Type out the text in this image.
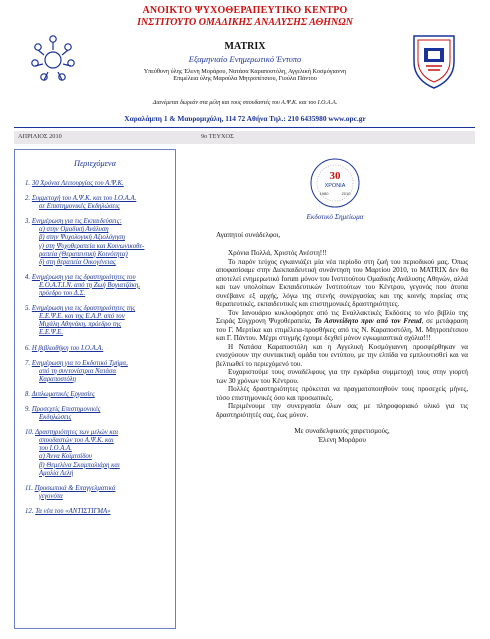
ΑΝΟΙΚΤΟ ΨΥΧΟΘΕΡΑΠΕΥΤΙΚΟ ΚΕΝΤΡΟ
ΙΝΣΤΙΤΟΥΤΟ ΟΜΑΔΙΚΗΣ ΑΝΑΛΥΣΗΣ ΑΘΗΝΩΝ
MATRIX
Εξαμηνιαίο Ενημερωτικό Έντυπο
Υπεύθυνη ύλης Έλενη Μοράρου, Νατάσα Καραποστόλη, Αγγελική Κοσμόγιαννη
Επιμέλεια ύλης Μαρούλα Μητροπέτσιου, Γιούλα Πάντου
Διανέμεται δωρεάν στα μέλη και τους σπουδαστές του Α.Ψ.Κ. και του Ι.Ο.Α.Α.
Χαραλάμπη 1 & Μαυρομιχάλη, 114 72 Αθήνα Τηλ.: 210 6435980 www.opc.gr
ΑΠΡΙΛΙΟΣ 2010	9ο ΤΕΥΧΟΣ
Περιεχόμενα
1. 30 Χρόνια Λειτουργίας του Α.Ψ.Κ.
2. Συμμετοχή του Α.Ψ.Κ. και του Ι.Ο.Α.Α.
σε Επιστημονικές Εκδηλώσεις
3. Ενημέρωση για τις Εκπαιδεύσεις:
α) στην Ομαδική Ανάλυση
β) στην Ψυχολογική Αξιολόγηση
γ) στη Ψυχοθεραπεία και Κοινωνικοθε-
ραπεία (Θεραπευτική Κοινότητα)
δ) στη θεραπεία Οικογένειας
4. Ενημέρωση για τις δραστηριότητες του
Ε.Ο.Α.Τ.Ι.Ν. από τη Ζωή Βογιατζάκη,
πρόεδρο του Δ.Σ.
5. Ενημέρωση για τις δραστηριότητες της
Ε.Ε.Ψ.Ε. και της Ε.Α.Ρ. από τον
Μιχάλη Αθηνάκη, πρόεδρο της
Ε.Ε.Ψ.Ε.
6. Η βιβλιοθήκη του Ι.Ο.Α.Α.
7. Ενημέρωση για το Εκδοτικό Τμήμα,
από τη συντονίστρια Νατάσα
Καραποστόλη
8. Διπλωματικές Εργασίες
9. Προσεχείς Επιστημονικές
Εκδηλώσεις
10. Δραστηριότητες των μελών και
σπουδαστών του Α.Ψ.Κ. και
του Ι.Ο.Α.Α.
α) Άννα Κοϊμτσίδου
β) Θεμελίνα Σκαμπαλιάρη και
Αμαλία Λελή
11. Προσωπικά & Επαγγελματικά
γεγονότα
12. Τα νέα του «ΑΝΤΙΣΤΙΓΜΑ»
30
ΧΡΟΝΙΑ
1980	2010
Εκδοτικό Σημείωμα
Αγαπητοί συνάδελφοι,

Χρόνια Πολλά, Χριστός Ανέστη!!!

Το παρόν τεύχος εγκαινιάζει μία νέα περίοδο στη ζωή του περιοδικού μας. Όπως αποφασίσαμε στην Διεκπαιδευτική συνάντηση του Μαρτίου 2010, το MATRIX δεν θα αποτελεί ενημερωτικό forum μόνον του Ινστιτούτου Ομαδικής Ανάλυσης Αθηνών, αλλά και των υπολοίπων Εκπαιδευτικών Ινστιτούτων του Κέντρου, γεγονός που άτυπα συνέβαινε εξ αρχής, λόγω της στενής συνεργασίας και της κοινής πορείας στις θεραπευτικές, εκπαιδευτικές και επιστημονικές δραστηριότητες.

Τον Ιανουάριο κυκλοφόρησε από τις Εναλλακτικές Εκδόσεις το νέο βιβλίο της Σειράς Σύγχρονη Ψυχοθεραπεία, Το Ασυνείδητο πριν από τον Freud, σε μετάφραση του Γ. Μερτίκα και επιμέλεια-προσθήκες από τις Ν. Καραποστόλη, Μ. Μητροπέτσιου και Γ. Πάντου. Μέχρι στιγμής έχουμε δεχθεί μόνον εγκωμιαστικά σχόλια!!!

Η Νατάσα Καραποστόλη και η Αγγελική Κοσμόγιαννη προσφέρθηκαν να ενισχύσουν την συντακτική ομάδα του εντύπου, με την ελπίδα να εμπλουτισθεί και να βελτιωθεί το περιεχόμενό του.

Ευχαριστούμε τους συναδέλφους για την εγκάρδια συμμετοχή τους στην γιορτή των 30 χρόνων του Κέντρου.

Πολλές δραστηριότητες πρόκειται να πραγματοποιηθούν τους προσεχείς μήνες, τόσο επιστημονικές όσο και προσωπικές.

Περιμένουμε την συνεργασία όλων σας με πληροφοριακό υλικό για τις δραστηριότητές σας, έως μόνον.

Με συναδελφικούς χαιρετισμούς,

Έλενη Μοράρου
